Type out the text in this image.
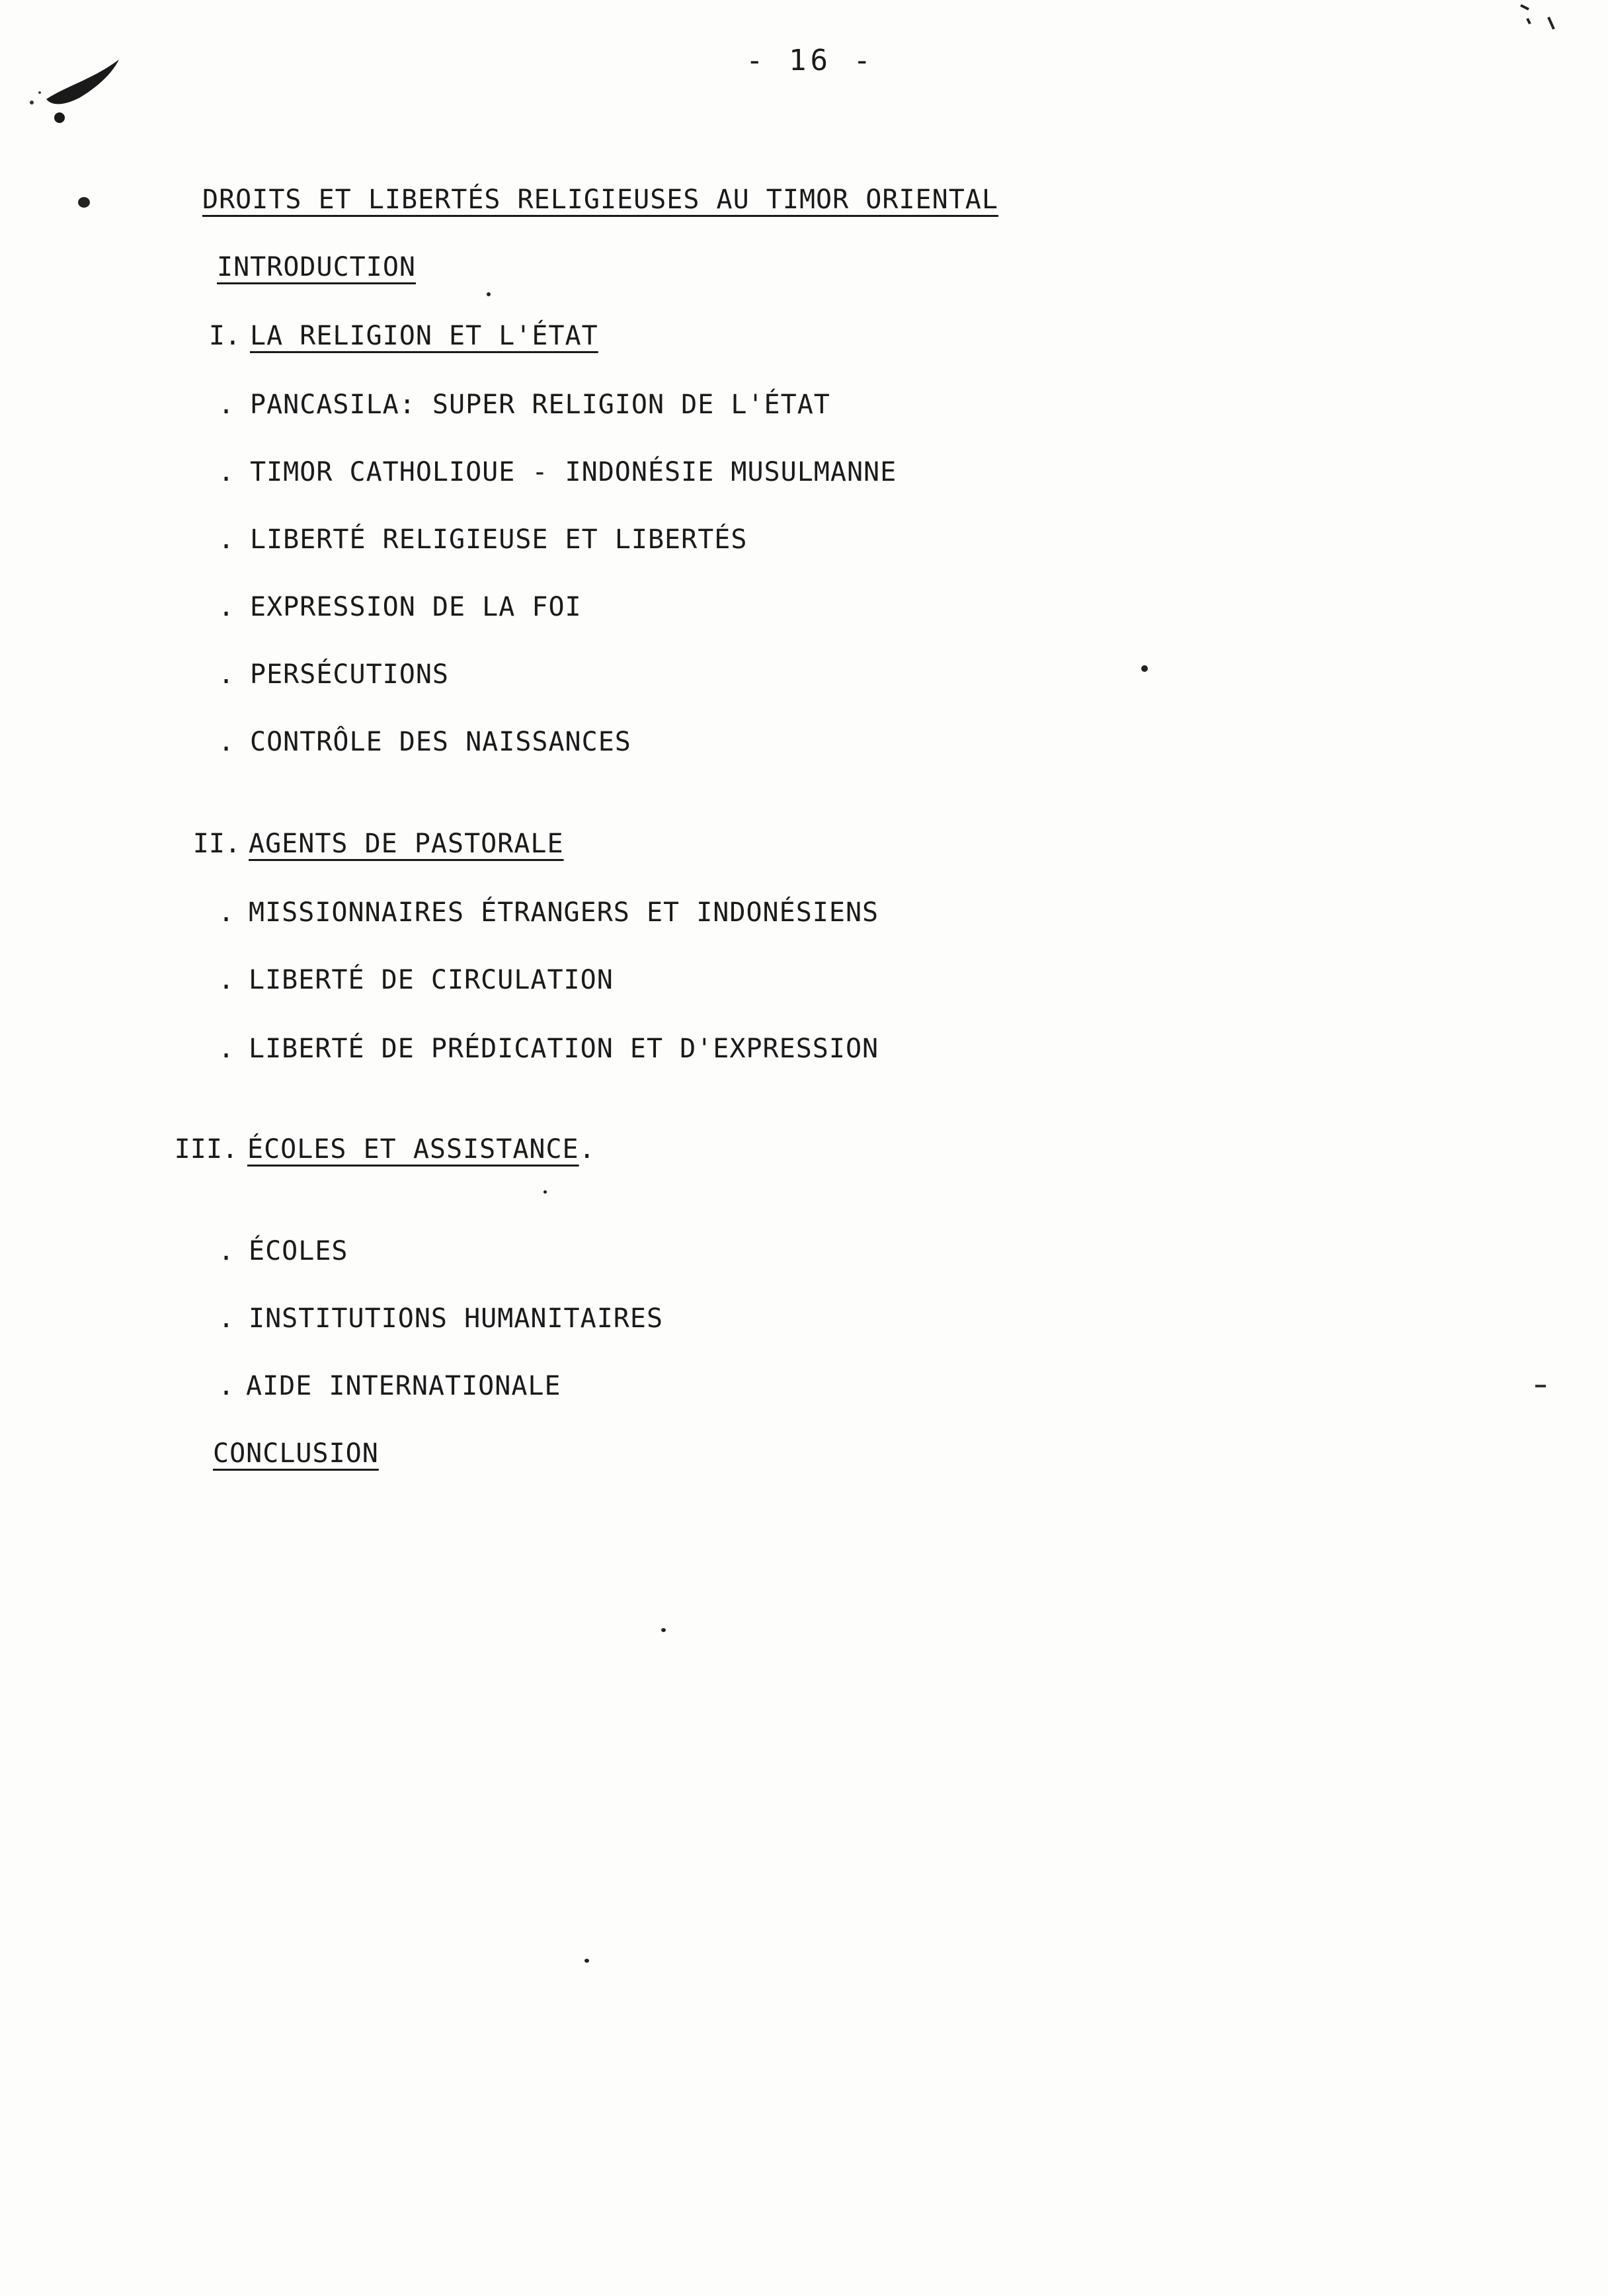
- 16 -
DROITS ET LIBERTÉS RELIGIEUSES AU TIMOR ORIENTAL
INTRODUCTION
I. LA RELIGION ET L'ÉTAT
. PANCASILA: SUPER RELIGION DE L'ÉTAT
. TIMOR CATHOLIOUE - INDONÉSIE MUSULMANNE
. LIBERTÉ RELIGIEUSE ET LIBERTÉS
. EXPRESSION DE LA FOI
. PERSÉCUTIONS
. CONTRÔLE DES NAISSANCES
II. AGENTS DE PASTORALE
. MISSIONNAIRES ÉTRANGERS ET INDONÉSIENS
. LIBERTÉ DE CIRCULATION
. LIBERTÉ DE PRÉDICATION ET D'EXPRESSION
III. ÉCOLES ET ASSISTANCE.
. ÉCOLES
. INSTITUTIONS HUMANITAIRES
. AIDE INTERNATIONALE
CONCLUSION
